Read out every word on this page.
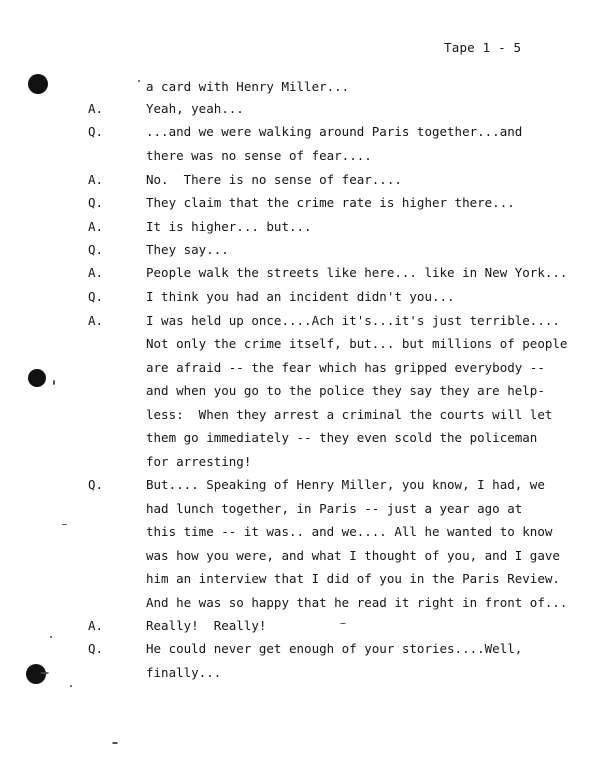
Tape 1 - 5
a card with Henry Miller...
A.	Yeah, yeah...
Q.	...and we were walking around Paris together...and
there was no sense of fear....
A.	No.  There is no sense of fear....
Q.	They claim that the crime rate is higher there...
A.	It is higher... but...
Q.	They say...
A.	People walk the streets like here... like in New York...
Q.	I think you had an incident didn't you...
A.	I was held up once....Ach it's...it's just terrible....
Not only the crime itself, but... but millions of people
are afraid -- the fear which has gripped everybody --
and when you go to the police they say they are help-
less:  When they arrest a criminal the courts will let
them go immediately -- they even scold the policeman
for arresting!
Q.	But.... Speaking of Henry Miller, you know, I had, we
had lunch together, in Paris -- just a year ago at
this time -- it was.. and we.... All he wanted to know
was how you were, and what I thought of you, and I gave
him an interview that I did of you in the Paris Review.
And he was so happy that he read it right in front of...
A.	Really!  Really!
Q.	He could never get enough of your stories....Well,
finally...
